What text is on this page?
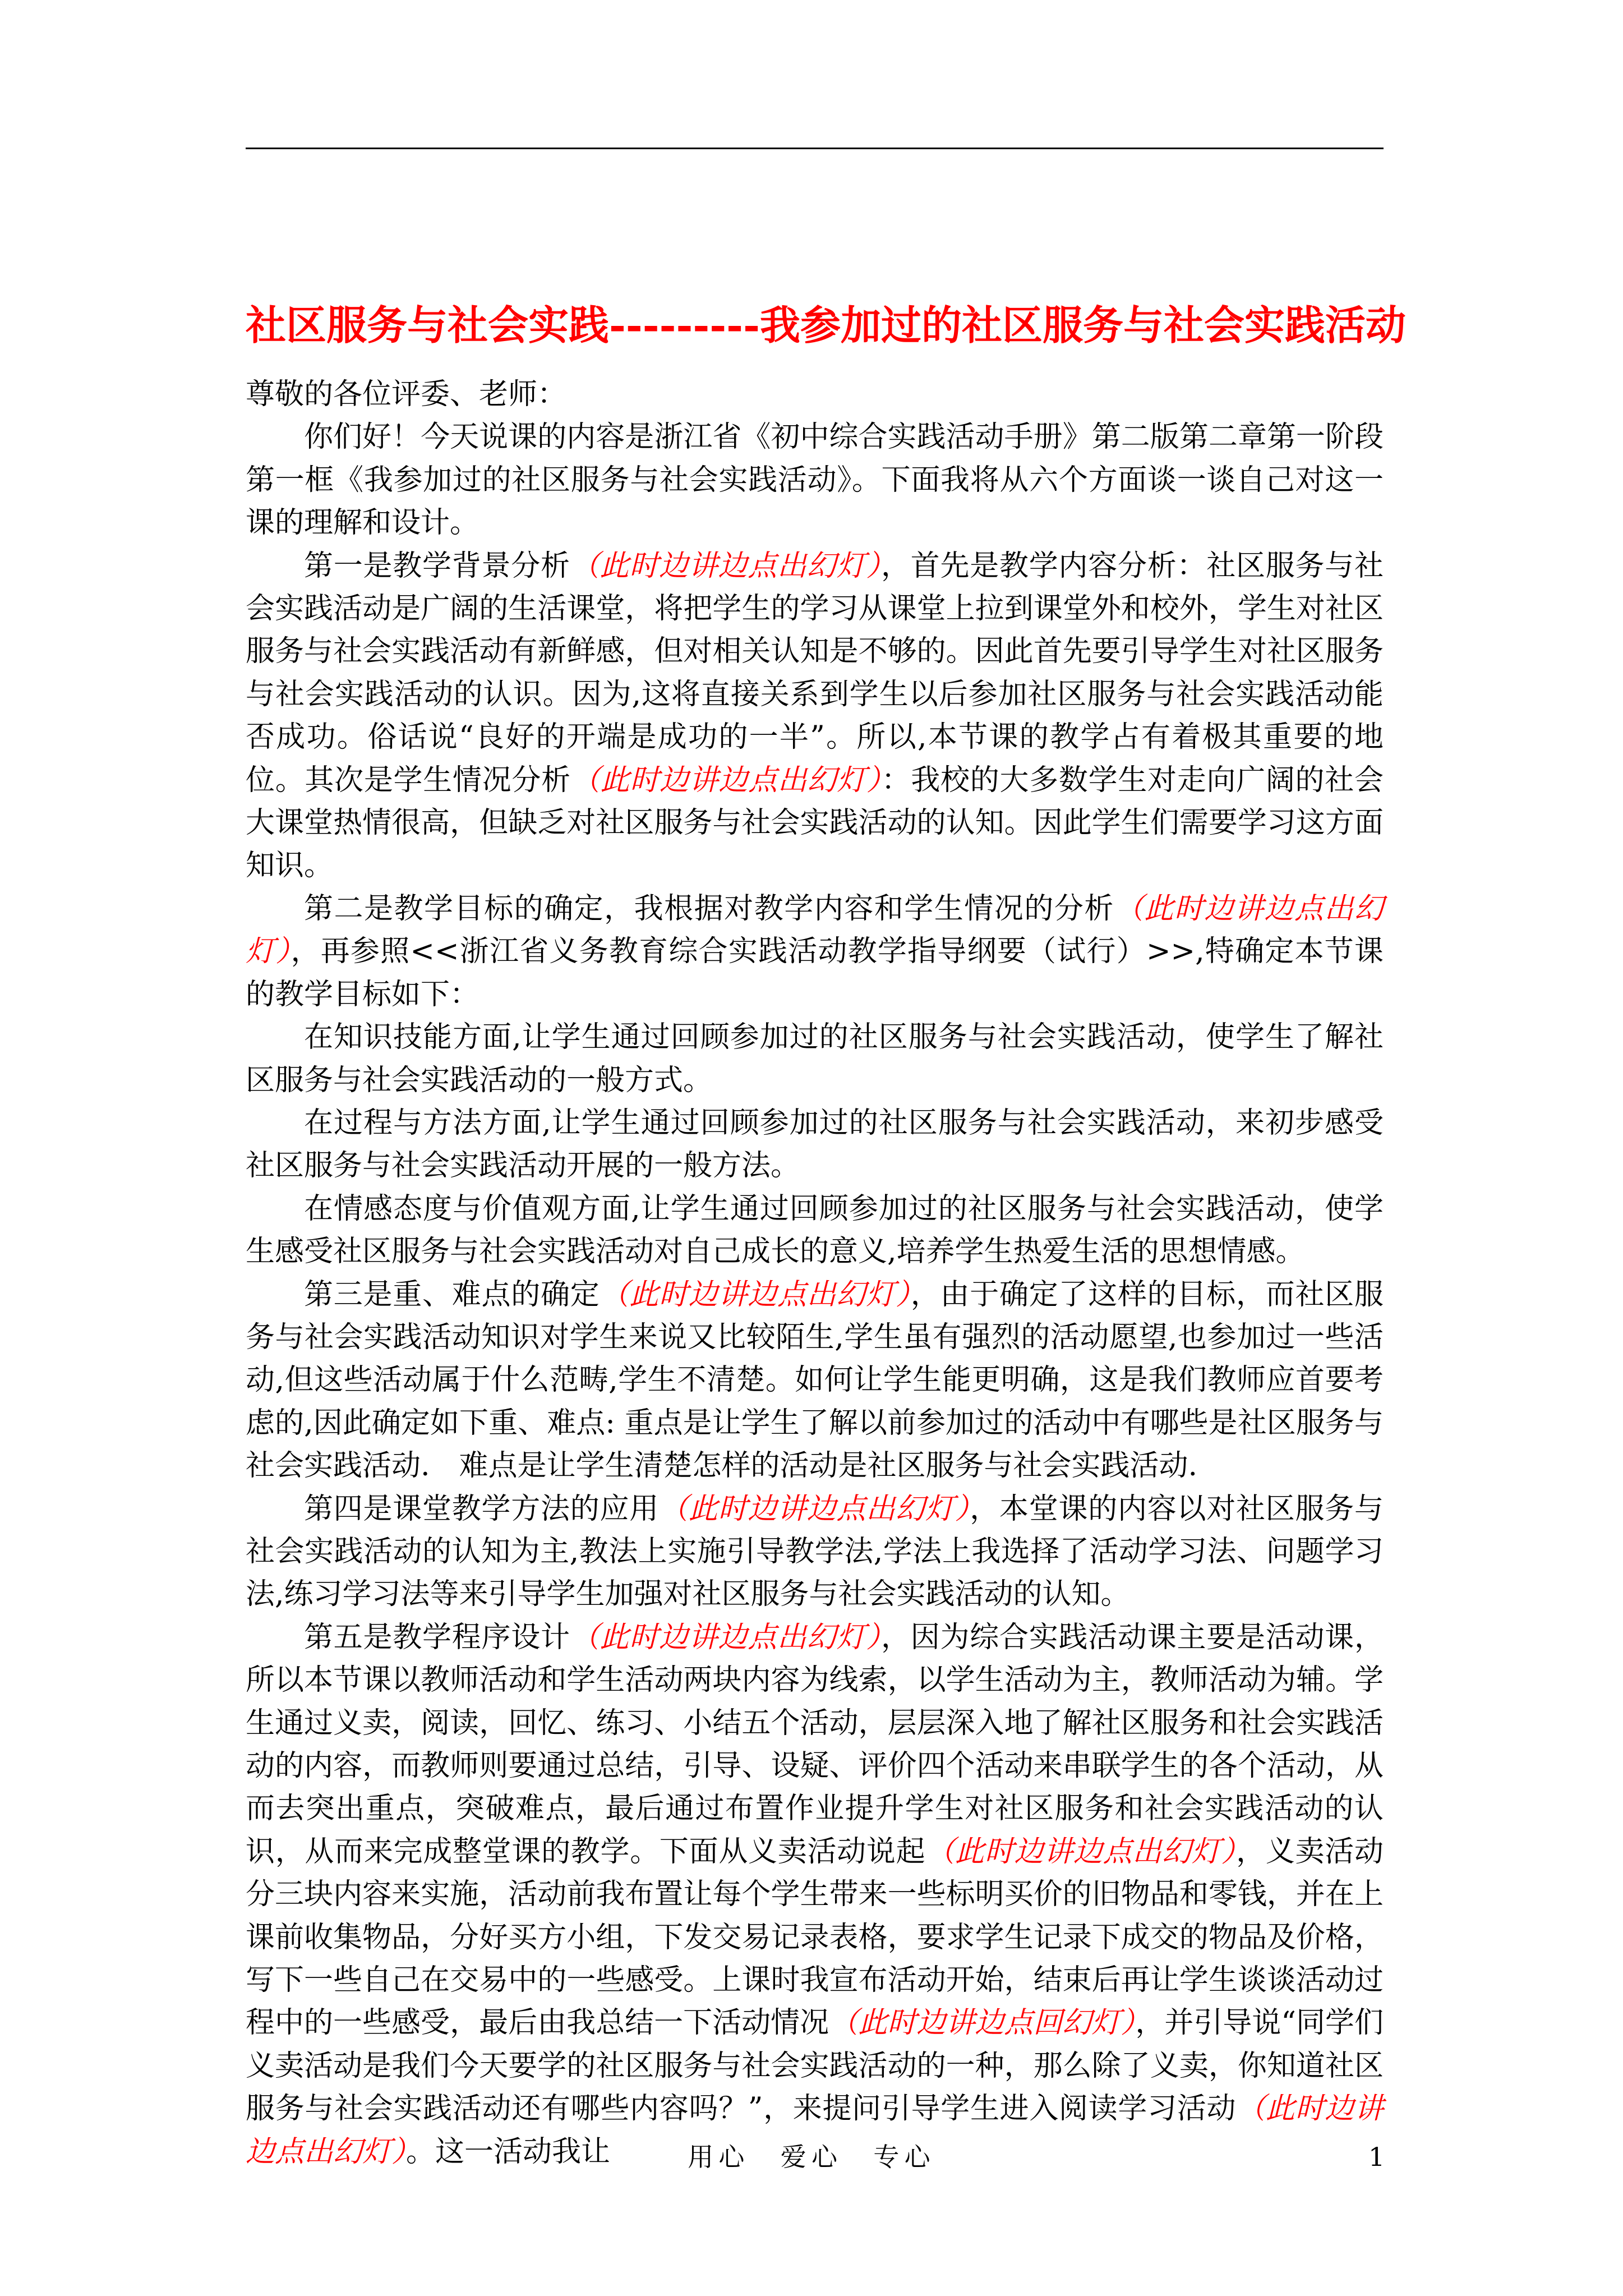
社区服务与社会实践---------我参加过的社区服务与社会实践活动

尊敬的各位评委、老师：

你们好！今天说课的内容是浙江省《初中综合实践活动手册》第二版第二章第一阶段第一框《我参加过的社区服务与社会实践活动》。下面我将从六个方面谈一谈自己对这一课的理解和设计。

第一是教学背景分析（此时边讲边点出幻灯），首先是教学内容分析：社区服务与社会实践活动是广阔的生活课堂，将把学生的学习从课堂上拉到课堂外和校外，学生对社区服务与社会实践活动有新鲜感，但对相关认知是不够的。因此首先要引导学生对社区服务与社会实践活动的认识。因为,这将直接关系到学生以后参加社区服务与社会实践活动能否成功。俗话说“良好的开端是成功的一半”。所以,本节课的教学占有着极其重要的地位。其次是学生情况分析（此时边讲边点出幻灯）：我校的大多数学生对走向广阔的社会大课堂热情很高，但缺乏对社区服务与社会实践活动的认知。因此学生们需要学习这方面知识。

第二是教学目标的确定，我根据对教学内容和学生情况的分析（此时边讲边点出幻灯），再参照<<浙江省义务教育综合实践活动教学指导纲要（试行）>>,特确定本节课的教学目标如下：

在知识技能方面,让学生通过回顾参加过的社区服务与社会实践活动，使学生了解社区服务与社会实践活动的一般方式。

在过程与方法方面,让学生通过回顾参加过的社区服务与社会实践活动，来初步感受社区服务与社会实践活动开展的一般方法。

在情感态度与价值观方面,让学生通过回顾参加过的社区服务与社会实践活动，使学生感受社区服务与社会实践活动对自己成长的意义,培养学生热爱生活的思想情感。

第三是重、难点的确定（此时边讲边点出幻灯），由于确定了这样的目标，而社区服务与社会实践活动知识对学生来说又比较陌生,学生虽有强烈的活动愿望,也参加过一些活动,但这些活动属于什么范畴,学生不清楚。如何让学生能更明确，这是我们教师应首要考虑的,因此确定如下重、难点: 重点是让学生了解以前参加过的活动中有哪些是社区服务与社会实践活动.　难点是让学生清楚怎样的活动是社区服务与社会实践活动.

第四是课堂教学方法的应用（此时边讲边点出幻灯），本堂课的内容以对社区服务与社会实践活动的认知为主,教法上实施引导教学法,学法上我选择了活动学习法、问题学习法,练习学习法等来引导学生加强对社区服务与社会实践活动的认知。

第五是教学程序设计（此时边讲边点出幻灯），因为综合实践活动课主要是活动课，所以本节课以教师活动和学生活动两块内容为线索，以学生活动为主，教师活动为辅。学生通过义卖，阅读，回忆、练习、小结五个活动，层层深入地了解社区服务和社会实践活动的内容，而教师则要通过总结，引导、设疑、评价四个活动来串联学生的各个活动，从而去突出重点，突破难点，最后通过布置作业提升学生对社区服务和社会实践活动的认识，从而来完成整堂课的教学。下面从义卖活动说起（此时边讲边点出幻灯），义卖活动分三块内容来实施，活动前我布置让每个学生带来一些标明买价的旧物品和零钱，并在上课前收集物品，分好买方小组，下发交易记录表格，要求学生记录下成交的物品及价格，写下一些自己在交易中的一些感受。上课时我宣布活动开始，结束后再让学生谈谈活动过程中的一些感受，最后由我总结一下活动情况（此时边讲边点回幻灯），并引导说“同学们义卖活动是我们今天要学的社区服务与社会实践活动的一种，那么除了义卖，你知道社区服务与社会实践活动还有哪些内容吗？”，来提问引导学生进入阅读学习活动（此时边讲边点出幻灯）。这一活动我让	用心　爱心　专心	1
